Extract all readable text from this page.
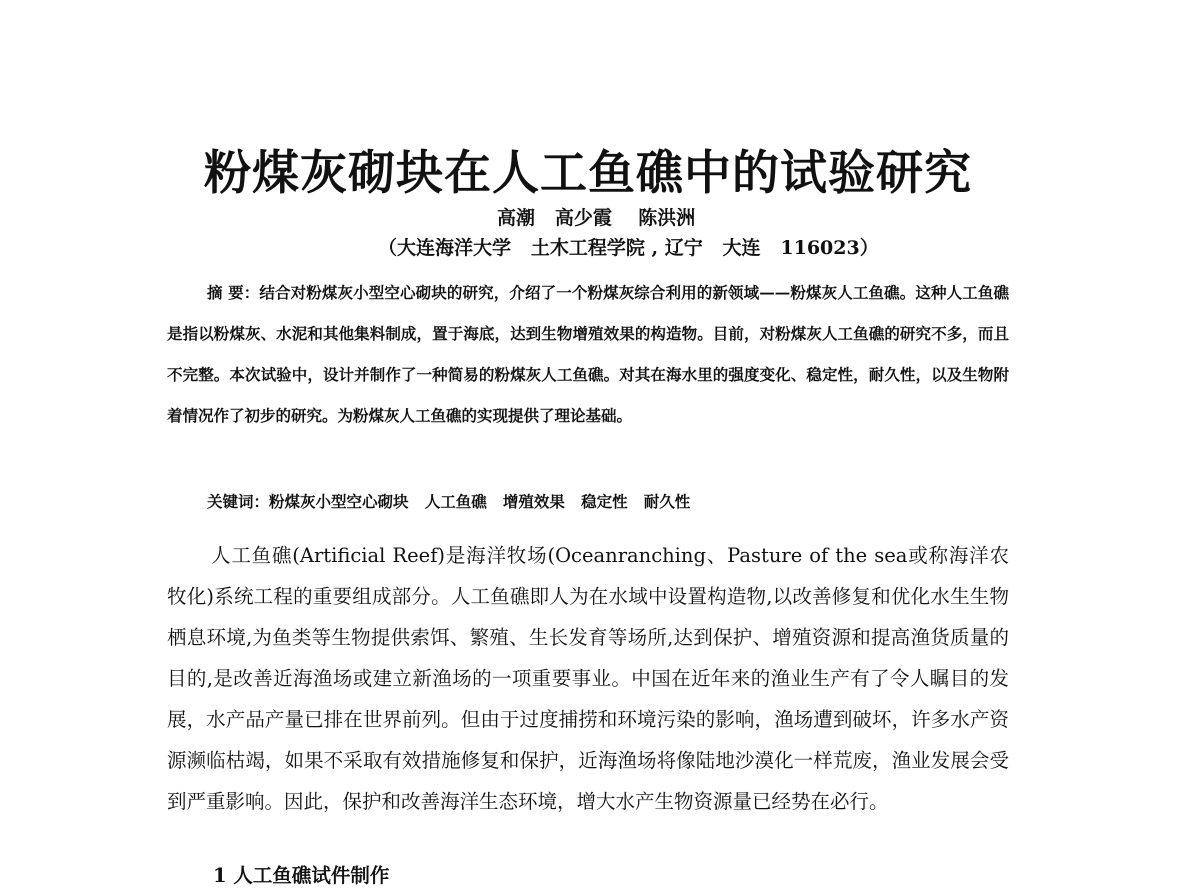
粉煤灰砌块在人工鱼礁中的试验研究
高潮   高少霞    陈洪洲
（大连海洋大学   土木工程学院 , 辽宁   大连   116023）
摘 要：结合对粉煤灰小型空心砌块的研究，介绍了一个粉煤灰综合利用的新领域——粉煤灰人工鱼礁。这种人工鱼礁是指以粉煤灰、水泥和其他集料制成，置于海底，达到生物增殖效果的构造物。目前，对粉煤灰人工鱼礁的研究不多，而且不完整。本次试验中，设计并制作了一种简易的粉煤灰人工鱼礁。对其在海水里的强度变化、稳定性，耐久性，以及生物附着情况作了初步的研究。为粉煤灰人工鱼礁的实现提供了理论基础。
关键词：粉煤灰小型空心砌块   人工鱼礁   增殖效果   稳定性   耐久性
人工鱼礁(Artificial Reef)是海洋牧场(Oceanranching、Pasture of the sea或称海洋农牧化)系统工程的重要组成部分。人工鱼礁即人为在水域中设置构造物,以改善修复和优化水生生物栖息环境,为鱼类等生物提供索饵、繁殖、生长发育等场所,达到保护、增殖资源和提高渔货质量的目的,是改善近海渔场或建立新渔场的一项重要事业。中国在近年来的渔业生产有了令人瞩目的发展，水产品产量已排在世界前列。但由于过度捕捞和环境污染的影响，渔场遭到破坏，许多水产资源濒临枯竭，如果不采取有效措施修复和保护，近海渔场将像陆地沙漠化一样荒废，渔业发展会受到严重影响。因此，保护和改善海洋生态环境，增大水产生物资源量已经势在必行。
1 人工鱼礁试件制作
